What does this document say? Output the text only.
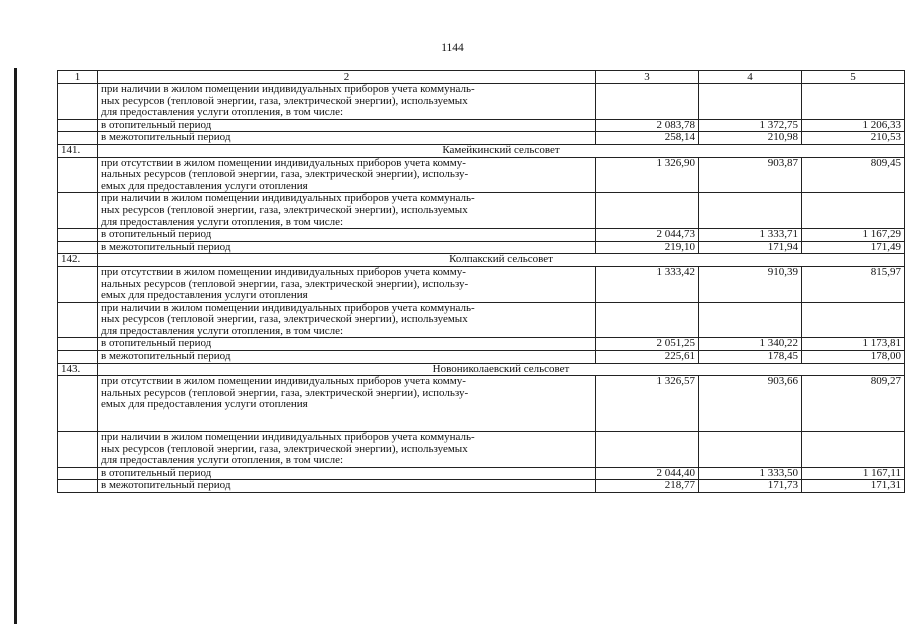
1144
1	2	3	4	5
	при наличии в жилом помещении индивидуальных приборов учета коммуналь-
ных ресурсов (тепловой энергии, газа, электрической энергии), используемых
для предоставления услуги отопления, в том числе:			
	в отопительный период	2 083,78	1 372,75	1 206,33
	в межотопительный период	258,14	210,98	210,53
141.	Камейкинский сельсовет			
	при отсутствии в жилом помещении индивидуальных приборов учета комму-
нальных ресурсов (тепловой энергии, газа, электрической энергии), использу-
емых для предоставления услуги отопления	1 326,90	903,87	809,45
	при наличии в жилом помещении индивидуальных приборов учета коммуналь-
ных ресурсов (тепловой энергии, газа, электрической энергии), используемых
для предоставления услуги отопления, в том числе:			
	в отопительный период	2 044,73	1 333,71	1 167,29
	в межотопительный период	219,10	171,94	171,49
142.	Колпакский сельсовет			
	при отсутствии в жилом помещении индивидуальных приборов учета комму-
нальных ресурсов (тепловой энергии, газа, электрической энергии), использу-
емых для предоставления услуги отопления	1 333,42	910,39	815,97
	при наличии в жилом помещении индивидуальных приборов учета коммуналь-
ных ресурсов (тепловой энергии, газа, электрической энергии), используемых
для предоставления услуги отопления, в том числе:			
	в отопительный период	2 051,25	1 340,22	1 173,81
	в межотопительный период	225,61	178,45	178,00
143.	Новониколаевский сельсовет			
	при отсутствии в жилом помещении индивидуальных приборов учета комму-
нальных ресурсов (тепловой энергии, газа, электрической энергии), использу-
емых для предоставления услуги отопления	1 326,57	903,66	809,27
	при наличии в жилом помещении индивидуальных приборов учета коммуналь-
ных ресурсов (тепловой энергии, газа, электрической энергии), используемых
для предоставления услуги отопления, в том числе:			
	в отопительный период	2 044,40	1 333,50	1 167,11
	в межотопительный период	218,77	171,73	171,31
